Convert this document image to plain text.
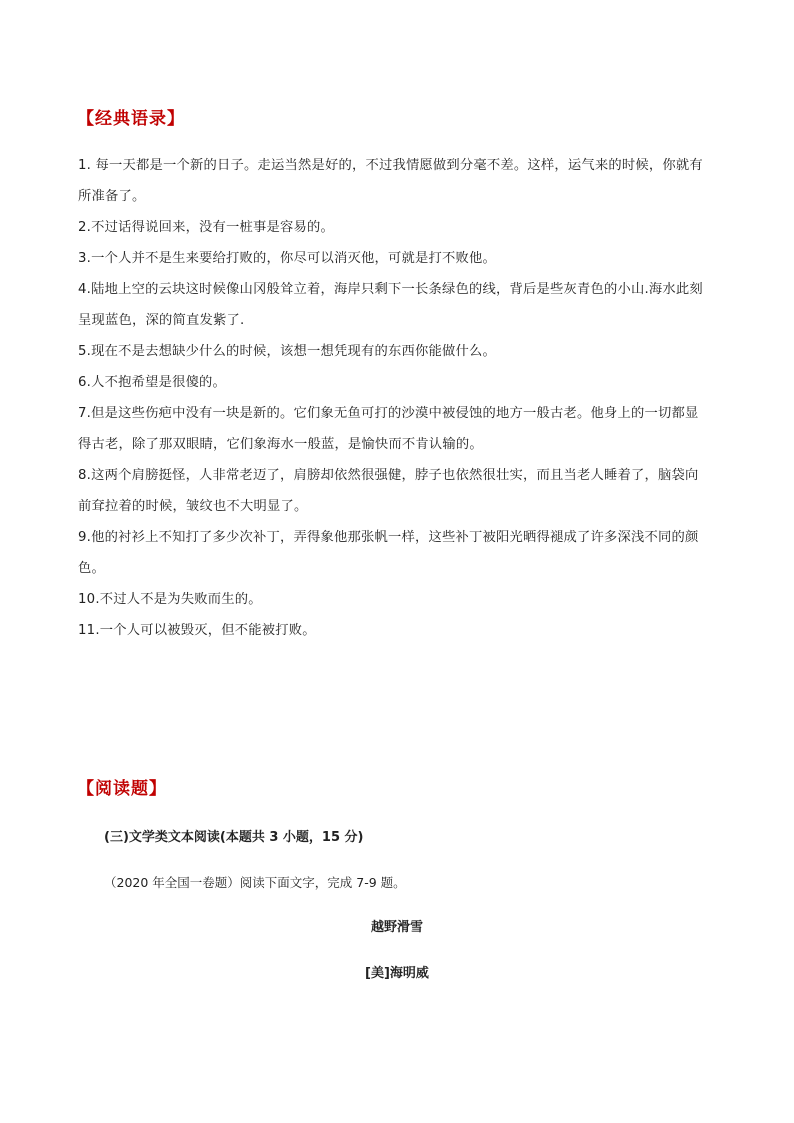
【经典语录】
1. 每一天都是一个新的日子。走运当然是好的，不过我情愿做到分毫不差。这样，运气来的时候，你就有
所准备了。
2.不过话得说回来，没有一桩事是容易的。
3.一个人并不是生来要给打败的，你尽可以消灭他，可就是打不败他。
4.陆地上空的云块这时候像山冈般耸立着，海岸只剩下一长条绿色的线，背后是些灰青色的小山.海水此刻
呈现蓝色，深的简直发紫了.
5.现在不是去想缺少什么的时候，该想一想凭现有的东西你能做什么。
6.人不抱希望是很傻的。
7.但是这些伤疤中没有一块是新的。它们象无鱼可打的沙漠中被侵蚀的地方一般古老。他身上的一切都显
得古老，除了那双眼睛，它们象海水一般蓝，是愉快而不肯认输的。
8.这两个肩膀挺怪，人非常老迈了，肩膀却依然很强健，脖子也依然很壮实，而且当老人睡着了，脑袋向
前耷拉着的时候，皱纹也不大明显了。
9.他的衬衫上不知打了多少次补丁，弄得象他那张帆一样，这些补丁被阳光晒得褪成了许多深浅不同的颜
色。
10.不过人不是为失败而生的。
11.一个人可以被毁灭，但不能被打败。
【阅读题】
(三)文学类文本阅读(本题共 3 小题，15 分)
（2020 年全国一卷题）阅读下面文字，完成 7-9 题。
越野滑雪
[美]海明威
